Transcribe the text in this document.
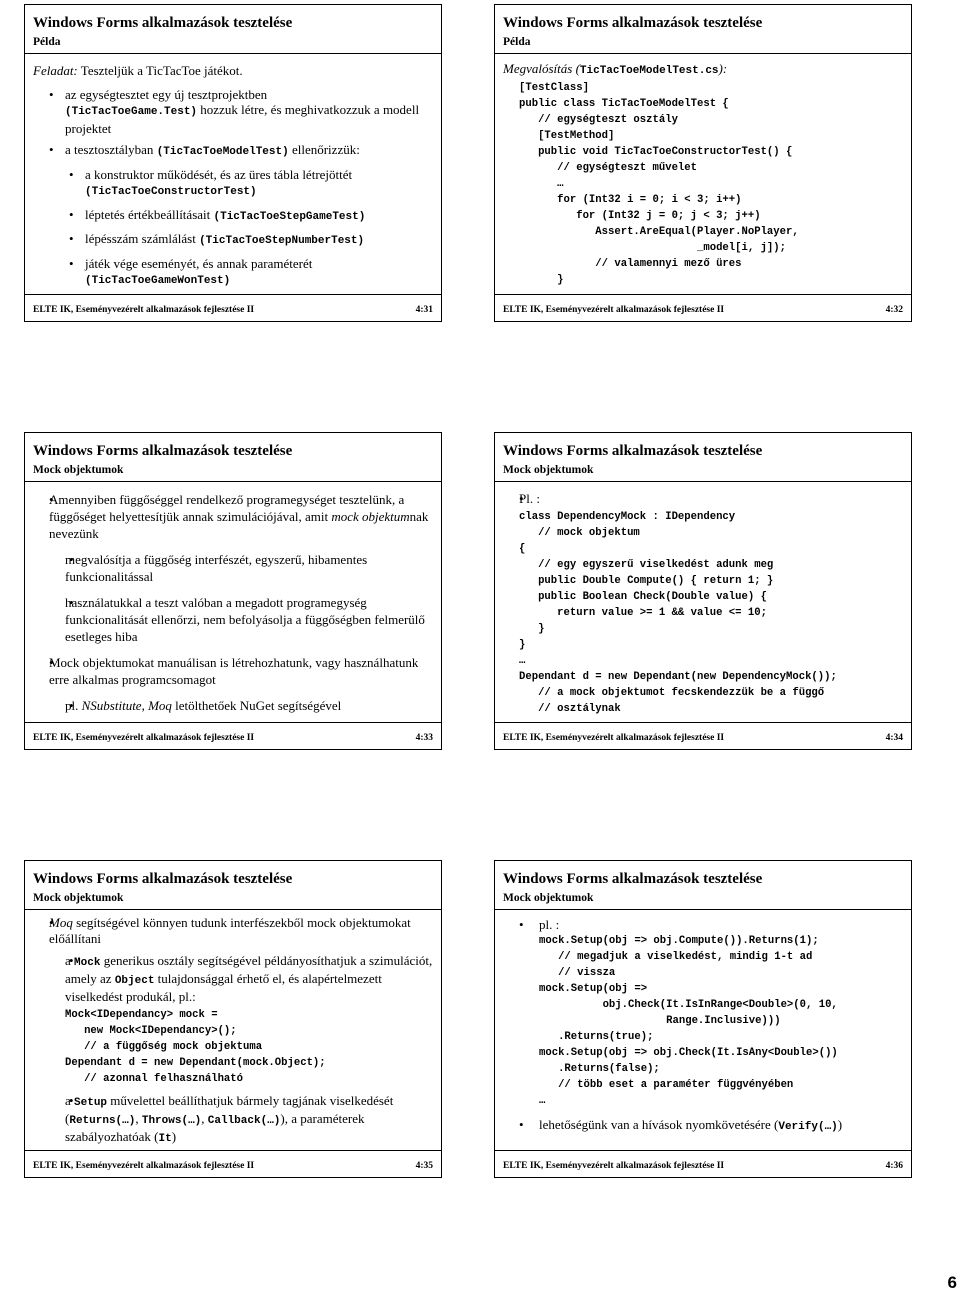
Windows Forms alkalmazások tesztelése
Példa
Feladat: Teszteljük a TicTacToe játékot.
• az egységtesztet egy új tesztprojektben
(TicTacToeGame.Test) hozzuk létre, és meghivatkozzuk a modell projektet
• a tesztosztályban (TicTacToeModelTest) ellenőrizzük:
• a konstruktor működését, és az üres tábla létrejöttét
(TicTacToeConstructorTest)
• léptetés értékbeállításait (TicTacToeStepGameTest)
• lépésszám számlálást (TicTacToeStepNumberTest)
• játék vége eseményét, és annak paraméterét
(TicTacToeGameWonTest)
ELTE IK, Eseményvezérelt alkalmazások fejlesztése II	4:31
Windows Forms alkalmazások tesztelése
Példa
Megvalósítás (TicTacToeModelTest.cs):
[TestClass]
public class TicTacToeModelTest {
// egységteszt osztály
[TestMethod]
public void TicTacToeConstructorTest() {
// egységteszt művelet
…
for (Int32 i = 0; i < 3; i++)
for (Int32 j = 0; j < 3; j++)
Assert.AreEqual(Player.NoPlayer,
_model[i, j]);
// valamennyi mező üres
}
ELTE IK, Eseményvezérelt alkalmazások fejlesztése II	4:32
Windows Forms alkalmazások tesztelése
Mock objektumok
• Amennyiben függőséggel rendelkező programegységet tesztelünk, a függőséget helyettesítjük annak szimulációjával, amit mock objektumnak nevezünk
• megvalósítja a függőség interfészét, egyszerű, hibamentes funkcionalitással
• használatukkal a teszt valóban a megadott programegység funkcionalitását ellenőrzi, nem befolyásolja a függőségben felmerülő esetleges hiba
• Mock objektumokat manuálisan is létrehozhatunk, vagy használhatunk erre alkalmas programcsomagot
• pl. NSubstitute, Moq letölthetőek NuGet segítségével
ELTE IK, Eseményvezérelt alkalmazások fejlesztése II	4:33
Windows Forms alkalmazások tesztelése
Mock objektumok
• Pl. :
class DependencyMock : IDependency
// mock objektum
{
// egy egyszerű viselkedést adunk meg
public Double Compute() { return 1; }
public Boolean Check(Double value) {
return value >= 1 && value <= 10;
}
}
…
Dependant d = new Dependant(new DependencyMock());
// a mock objektumot fecskendezzük be a függő
// osztálynak
ELTE IK, Eseményvezérelt alkalmazások fejlesztése II	4:34
Windows Forms alkalmazások tesztelése
Mock objektumok
• Moq segítségével könnyen tudunk interfészekből mock objektumokat előállítani
• a Mock generikus osztály segítségével példányosíthatjuk a szimulációt, amely az Object tulajdonsággal érhető el, és alapértelmezett viselkedést produkál, pl.:
Mock<IDependancy> mock =
new Mock<IDependancy>();
// a függőség mock objektuma
Dependant d = new Dependant(mock.Object);
// azonnal felhasználható
• a Setup művelettel beállíthatjuk bármely tagjának viselkedését (Returns(…), Throws(…), Callback(…)), a paraméterek szabályozhatóak (It)
ELTE IK, Eseményvezérelt alkalmazások fejlesztése II	4:35
Windows Forms alkalmazások tesztelése
Mock objektumok
• pl. :
mock.Setup(obj => obj.Compute()).Returns(1);
// megadjuk a viselkedést, mindig 1-t ad
// vissza
mock.Setup(obj =>
obj.Check(It.IsInRange<Double>(0, 10,
Range.Inclusive)))
.Returns(true);
mock.Setup(obj => obj.Check(It.IsAny<Double>())
.Returns(false);
// több eset a paraméter függvényében
…
• lehetőségünk van a hívások nyomkövetésére (Verify(…))
ELTE IK, Eseményvezérelt alkalmazások fejlesztése II	4:36
6
